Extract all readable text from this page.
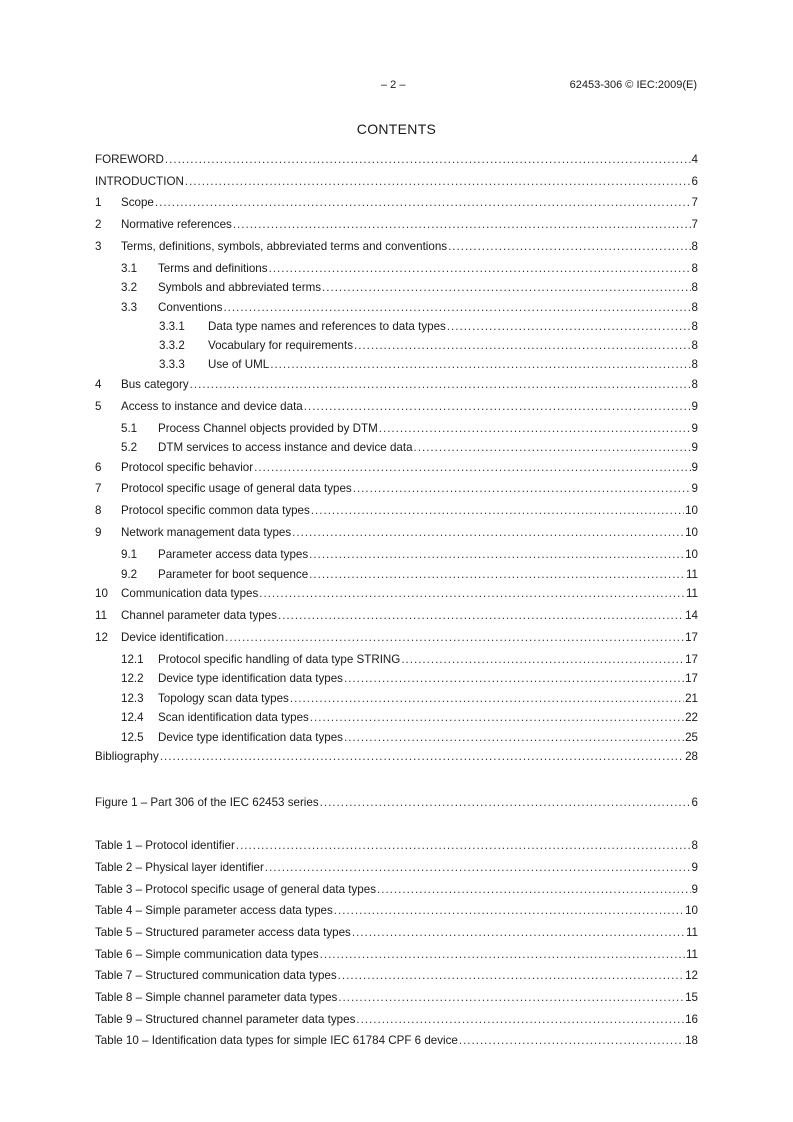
– 2 –	62453-306 © IEC:2009(E)
CONTENTS
FOREWORD .....	4
INTRODUCTION .....	6
1	Scope .....	7
2	Normative references .....	7
3	Terms, definitions, symbols, abbreviated terms and conventions .....	8
3.1	Terms and definitions .....	8
3.2	Symbols and abbreviated terms .....	8
3.3	Conventions .....	8
3.3.1	Data type names and references to data types .....	8
3.3.2	Vocabulary for requirements .....	8
3.3.3	Use of UML .....	8
4	Bus category .....	8
5	Access to instance and device data .....	9
5.1	Process Channel objects provided by DTM .....	9
5.2	DTM services to access instance and device data .....	9
6	Protocol specific behavior .....	9
7	Protocol specific usage of general data types .....	9
8	Protocol specific common data types .....	10
9	Network management data types .....	10
9.1	Parameter access data types .....	10
9.2	Parameter for boot sequence .....	11
10	Communication data types .....	11
11	Channel parameter data types .....	14
12	Device identification .....	17
12.1	Protocol specific handling of data type STRING .....	17
12.2	Device type identification data types .....	17
12.3	Topology scan data types .....	21
12.4	Scan identification data types .....	22
12.5	Device type identification data types .....	25
Bibliography .....	28
Figure 1 – Part 306 of the IEC 62453 series .....	6
Table 1 – Protocol identifier .....	8
Table 2 – Physical layer identifier .....	9
Table 3 – Protocol specific usage of general data types .....	9
Table 4 – Simple parameter access data types .....	10
Table 5 – Structured parameter access data types .....	11
Table 6 – Simple communication data types .....	11
Table 7 – Structured communication data types .....	12
Table 8 – Simple channel parameter data types .....	15
Table 9 – Structured channel parameter data types .....	16
Table 10 – Identification data types for simple IEC 61784 CPF 6 device .....	18
